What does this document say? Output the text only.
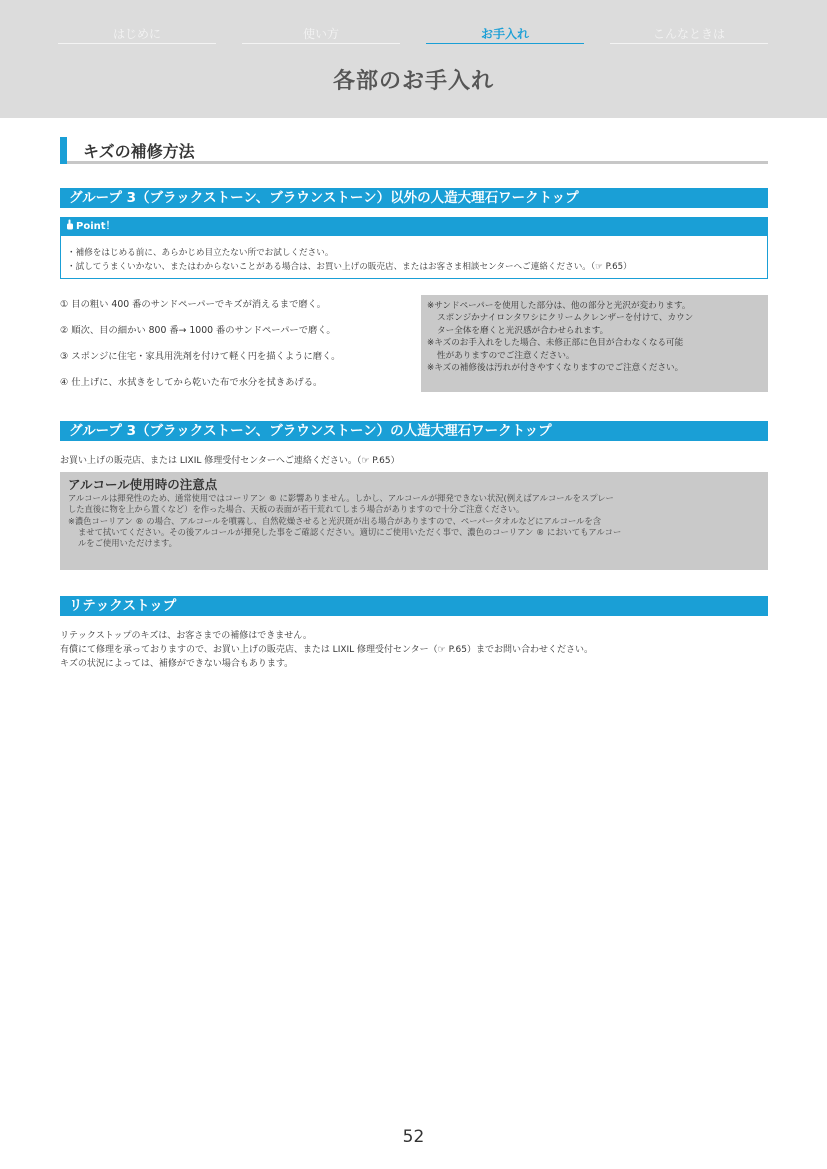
はじめに	使い方	お手入れ	こんなときは
各部のお手入れ
キズの補修方法
グループ 3（ブラックストーン、ブラウンストーン）以外の人造大理石ワークトップ
Point！
・補修をはじめる前に、あらかじめ目立たない所でお試しください。
・試してうまくいかない、またはわからないことがある場合は、お買い上げの販売店、またはお客さま相談センターへご連絡ください。（☞ P.65）
① 目の粗い 400 番のサンドペーパーでキズが消えるまで磨く。
② 順次、目の細かい 800 番→ 1000 番のサンドペーパーで磨く。
③ スポンジに住宅・家具用洗剤を付けて軽く円を描くように磨く。
④ 仕上げに、水拭きをしてから乾いた布で水分を拭きあげる。
※サンドペーパーを使用した部分は、他の部分と光沢が変わります。
スポンジかナイロンタワシにクリームクレンザーを付けて、カウン
ター全体を磨くと光沢感が合わせられます。
※キズのお手入れをした場合、未修正部に色目が合わなくなる可能
性がありますのでご注意ください。
※キズの補修後は汚れが付きやすくなりますのでご注意ください。
グループ 3（ブラックストーン、ブラウンストーン）の人造大理石ワークトップ
お買い上げの販売店、または LIXIL 修理受付センターへご連絡ください。（☞ P.65）
アルコール使用時の注意点
アルコールは揮発性のため、通常使用ではコーリアン ® に影響ありません。しかし、アルコールが揮発できない状況(例えばアルコールをスプレー
した直後に物を上から置くなど）を作った場合、天板の表面が若干荒れてしまう場合がありますので十分ご注意ください。
※濃色コーリアン ® の場合、アルコールを噴霧し、自然乾燥させると光沢斑が出る場合がありますので、ペーパータオルなどにアルコールを含
ませて拭いてください。その後アルコールが揮発した事をご確認ください。適切にご使用いただく事で、濃色のコーリアン ® においてもアルコー
ルをご使用いただけます。
リテックストップ
リテックストップのキズは、お客さまでの補修はできません。
有償にて修理を承っておりますので、お買い上げの販売店、または LIXIL 修理受付センター（☞ P.65）までお問い合わせください。
キズの状況によっては、補修ができない場合もあります。
52
